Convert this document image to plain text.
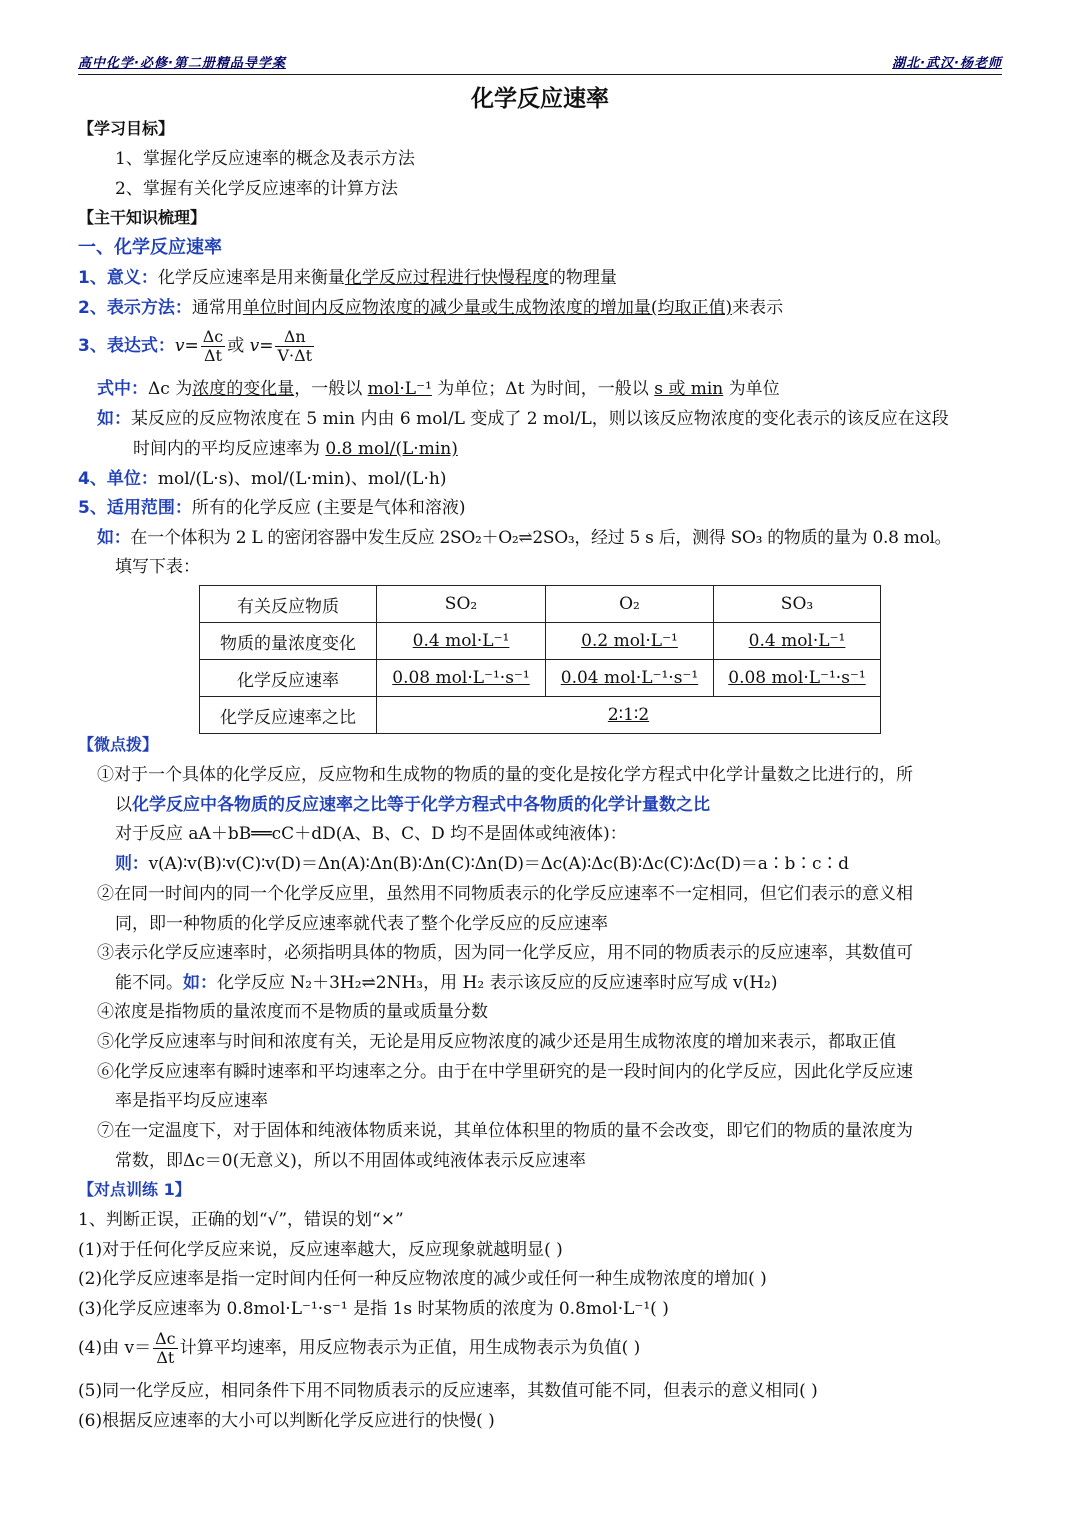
高中化学·必修·第二册精品导学案	湖北·武汉·杨老师
化学反应速率
【学习目标】
1、掌握化学反应速率的概念及表示方法
2、掌握有关化学反应速率的计算方法
【主干知识梳理】
一、化学反应速率
1、意义：化学反应速率是用来衡量化学反应过程进行快慢程度的物理量
2、表示方法：通常用单位时间内反应物浓度的减少量或生成物浓度的增加量(均取正值)来表示
3、表达式：$v= \frac{\Delta c}{\Delta t}$ 或 $v= \frac{\Delta n}{V\cdot\Delta t}$
式中：Δc 为浓度的变化量，一般以 mol·L⁻¹ 为单位；Δt 为时间，一般以 s 或 min 为单位
如：某反应的反应物浓度在 5 min 内由 6 mol/L 变成了 2 mol/L，则以该反应物浓度的变化表示的该反应在这段
时间内的平均反应速率为 0.8 mol/(L·min)
4、单位：mol/(L·s)、mol/(L·min)、mol/(L·h)
5、适用范围：所有的化学反应 (主要是气体和溶液)
如：在一个体积为 2 L 的密闭容器中发生反应 2SO₂＋O₂⇌2SO₃，经过 5 s 后，测得 SO₃ 的物质的量为 0.8 mol。
填写下表：
有关反应物质	SO₂	O₂	SO₃
物质的量浓度变化	0.4 mol·L⁻¹	0.2 mol·L⁻¹	0.4 mol·L⁻¹
化学反应速率	0.08 mol·L⁻¹·s⁻¹	0.04 mol·L⁻¹·s⁻¹	0.08 mol·L⁻¹·s⁻¹
化学反应速率之比	2∶1∶2		
【微点拨】
①对于一个具体的化学反应，反应物和生成物的物质的量的变化是按化学方程式中化学计量数之比进行的，所
以化学反应中各物质的反应速率之比等于化学方程式中各物质的化学计量数之比
对于反应 aA＋bB══cC＋dD(A、B、C、D 均不是固体或纯液体)：
则：v(A)∶v(B)∶v(C)∶v(D)＝Δn(A)∶Δn(B)∶Δn(C)∶Δn(D)＝Δc(A)∶Δc(B)∶Δc(C)∶Δc(D)＝a∶b∶c∶d
②在同一时间内的同一个化学反应里，虽然用不同物质表示的化学反应速率不一定相同，但它们表示的意义相
同，即一种物质的化学反应速率就代表了整个化学反应的反应速率
③表示化学反应速率时，必须指明具体的物质，因为同一化学反应，用不同的物质表示的反应速率，其数值可
能不同。如：化学反应 N₂＋3H₂⇌2NH₃，用 H₂ 表示该反应的反应速率时应写成 v(H₂)
④浓度是指物质的量浓度而不是物质的量或质量分数
⑤化学反应速率与时间和浓度有关，无论是用反应物浓度的减少还是用生成物浓度的增加来表示，都取正值
⑥化学反应速率有瞬时速率和平均速率之分。由于在中学里研究的是一段时间内的化学反应，因此化学反应速
率是指平均反应速率
⑦在一定温度下，对于固体和纯液体物质来说，其单位体积里的物质的量不会改变，即它们的物质的量浓度为
常数，即Δc＝0(无意义)，所以不用固体或纯液体表示反应速率
【对点训练 1】
1、判断正误，正确的划“√”，错误的划“×”
(1)对于任何化学反应来说，反应速率越大，反应现象就越明显( )
(2)化学反应速率是指一定时间内任何一种反应物浓度的减少或任何一种生成物浓度的增加( )
(3)化学反应速率为 0.8mol·L⁻¹·s⁻¹ 是指 1s 时某物质的浓度为 0.8mol·L⁻¹( )
(4)由 $v= \frac{\Delta c}{\Delta t}$ 计算平均速率，用反应物表示为正值，用生成物表示为负值( )
(5)同一化学反应，相同条件下用不同物质表示的反应速率，其数值可能不同，但表示的意义相同( )
(6)根据反应速率的大小可以判断化学反应进行的快慢( )
